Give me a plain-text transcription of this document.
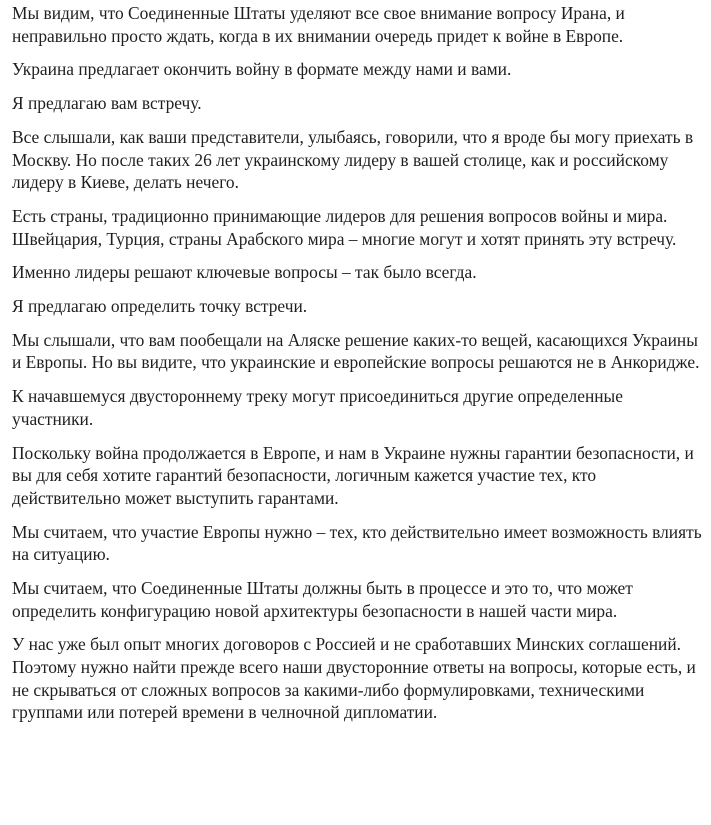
Мы видим, что Соединенные Штаты уделяют все свое внимание вопросу Ирана, и неправильно просто ждать, когда в их внимании очередь придет к войне в Европе.

Украина предлагает окончить войну в формате между нами и вами.

Я предлагаю вам встречу.

Все слышали, как ваши представители, улыбаясь, говорили, что я вроде бы могу приехать в Москву. Но после таких 26 лет украинскому лидеру в вашей столице, как и российскому лидеру в Киеве, делать нечего.

Есть страны, традиционно принимающие лидеров для решения вопросов войны и мира. Швейцария, Турция, страны Арабского мира – многие могут и хотят принять эту встречу.

Именно лидеры решают ключевые вопросы – так было всегда.

Я предлагаю определить точку встречи.

Мы слышали, что вам пообещали на Аляске решение каких-то вещей, касающихся Украины и Европы. Но вы видите, что украинские и европейские вопросы решаются не в Анкоридже.

К начавшемуся двустороннему треку могут присоединиться другие определенные участники.

Поскольку война продолжается в Европе, и нам в Украине нужны гарантии безопасности, и вы для себя хотите гарантий безопасности, логичным кажется участие тех, кто действительно может выступить гарантами.

Мы считаем, что участие Европы нужно – тех, кто действительно имеет возможность влиять на ситуацию.

Мы считаем, что Соединенные Штаты должны быть в процессе и это то, что может определить конфигурацию новой архитектуры безопасности в нашей части мира.

У нас уже был опыт многих договоров с Россией и не сработавших Минских соглашений. Поэтому нужно найти прежде всего наши двусторонние ответы на вопросы, которые есть, и не скрываться от сложных вопросов за какими-либо формулировками, техническими группами или потерей времени в челночной дипломатии.
